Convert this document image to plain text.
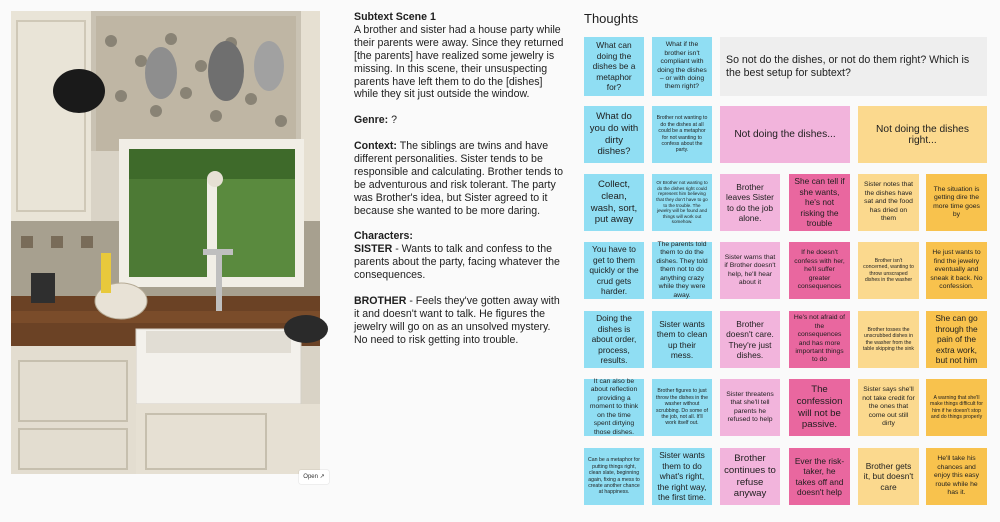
Open ↗
Subtext Scene 1

A brother and sister had a house party while their parents were away. Since they returned [the parents] have realized some jewelry is missing. In this scene, their unsuspecting parents have left them to do the [dishes] while they sit just outside the window.

Genre: ?

Context: The siblings are twins and have different personalities. Sister tends to be responsible and calculating. Brother tends to be adventurous and risk tolerant. The party was Brother's idea, but Sister agreed to it because she wanted to be more daring.

Characters:

SISTER - Wants to talk and confess to the parents about the party, facing whatever the consequences.

BROTHER - Feels they've gotten away with it and doesn't want to talk. He figures the jewelry will go on as an unsolved mystery. No need to risk getting into trouble.

Thoughts
So not do the dishes, or not do them right? Which is the best setup for subtext?
Not doing the dishes...	Not doing the dishes right...
What can doing the dishes be a metaphor for?
What do you do with dirty dishes?
Collect, clean, wash, sort, put away
You have to get to them quickly or the crud gets harder.
Doing the dishes is about order, process, results.
It can also be about reflection providing a moment to think on the time spent dirtying those dishes.
Can be a metaphor for putting things right, clean slate, beginning again, fixing a mess to create another chance at happiness.
What if the brother isn't compliant with doing the dishes – or with doing them right?
Brother not wanting to do the dishes at all could be a metaphor for not wanting to confess about the party.
Or Brother not wanting to do the dishes right could represent him believing that they don't have to go to the trouble. The jewelry will be found and things will work out somehow.
The parents told them to do the dishes. They told them not to do anything crazy while they were away.
Sister wants them to clean up their mess.
Brother figures to just throw the dishes in the washer without scrubbing. Do some of the job, not all. It'll work itself out.
Sister wants them to do what's right, the right way, the first time.
Brother leaves Sister to do the job alone.
Sister warns that if Brother doesn't help, he'll hear about it
Brother doesn't care. They're just dishes.
Sister threatens that she'll tell parents he refused to help
Brother continues to refuse anyway
She can tell if she wants, he's not risking the trouble
If he doesn't confess with her, he'll suffer greater consequences
He's not afraid of the consequences and has more important things to do
The confession will not be passive.
Ever the risk-taker, he takes off and doesn't help
Sister notes that the dishes have sat and the food has dried on them
Brother isn't concerned, wanting to throw unscraped dishes in the washer
Brother tosses the unscrubbed dishes in the washer from the table skipping the sink
Sister says she'll not take credit for the ones that come out still dirty
Brother gets it, but doesn't care
The situation is getting dire the more time goes by
He just wants to find the jewelry eventually and sneak it back. No confession.
She can go through the pain of the extra work, but not him
A warning that she'll make things difficult for him if he doesn't stop and do things properly
He'll take his chances and enjoy this easy route while he has it.
